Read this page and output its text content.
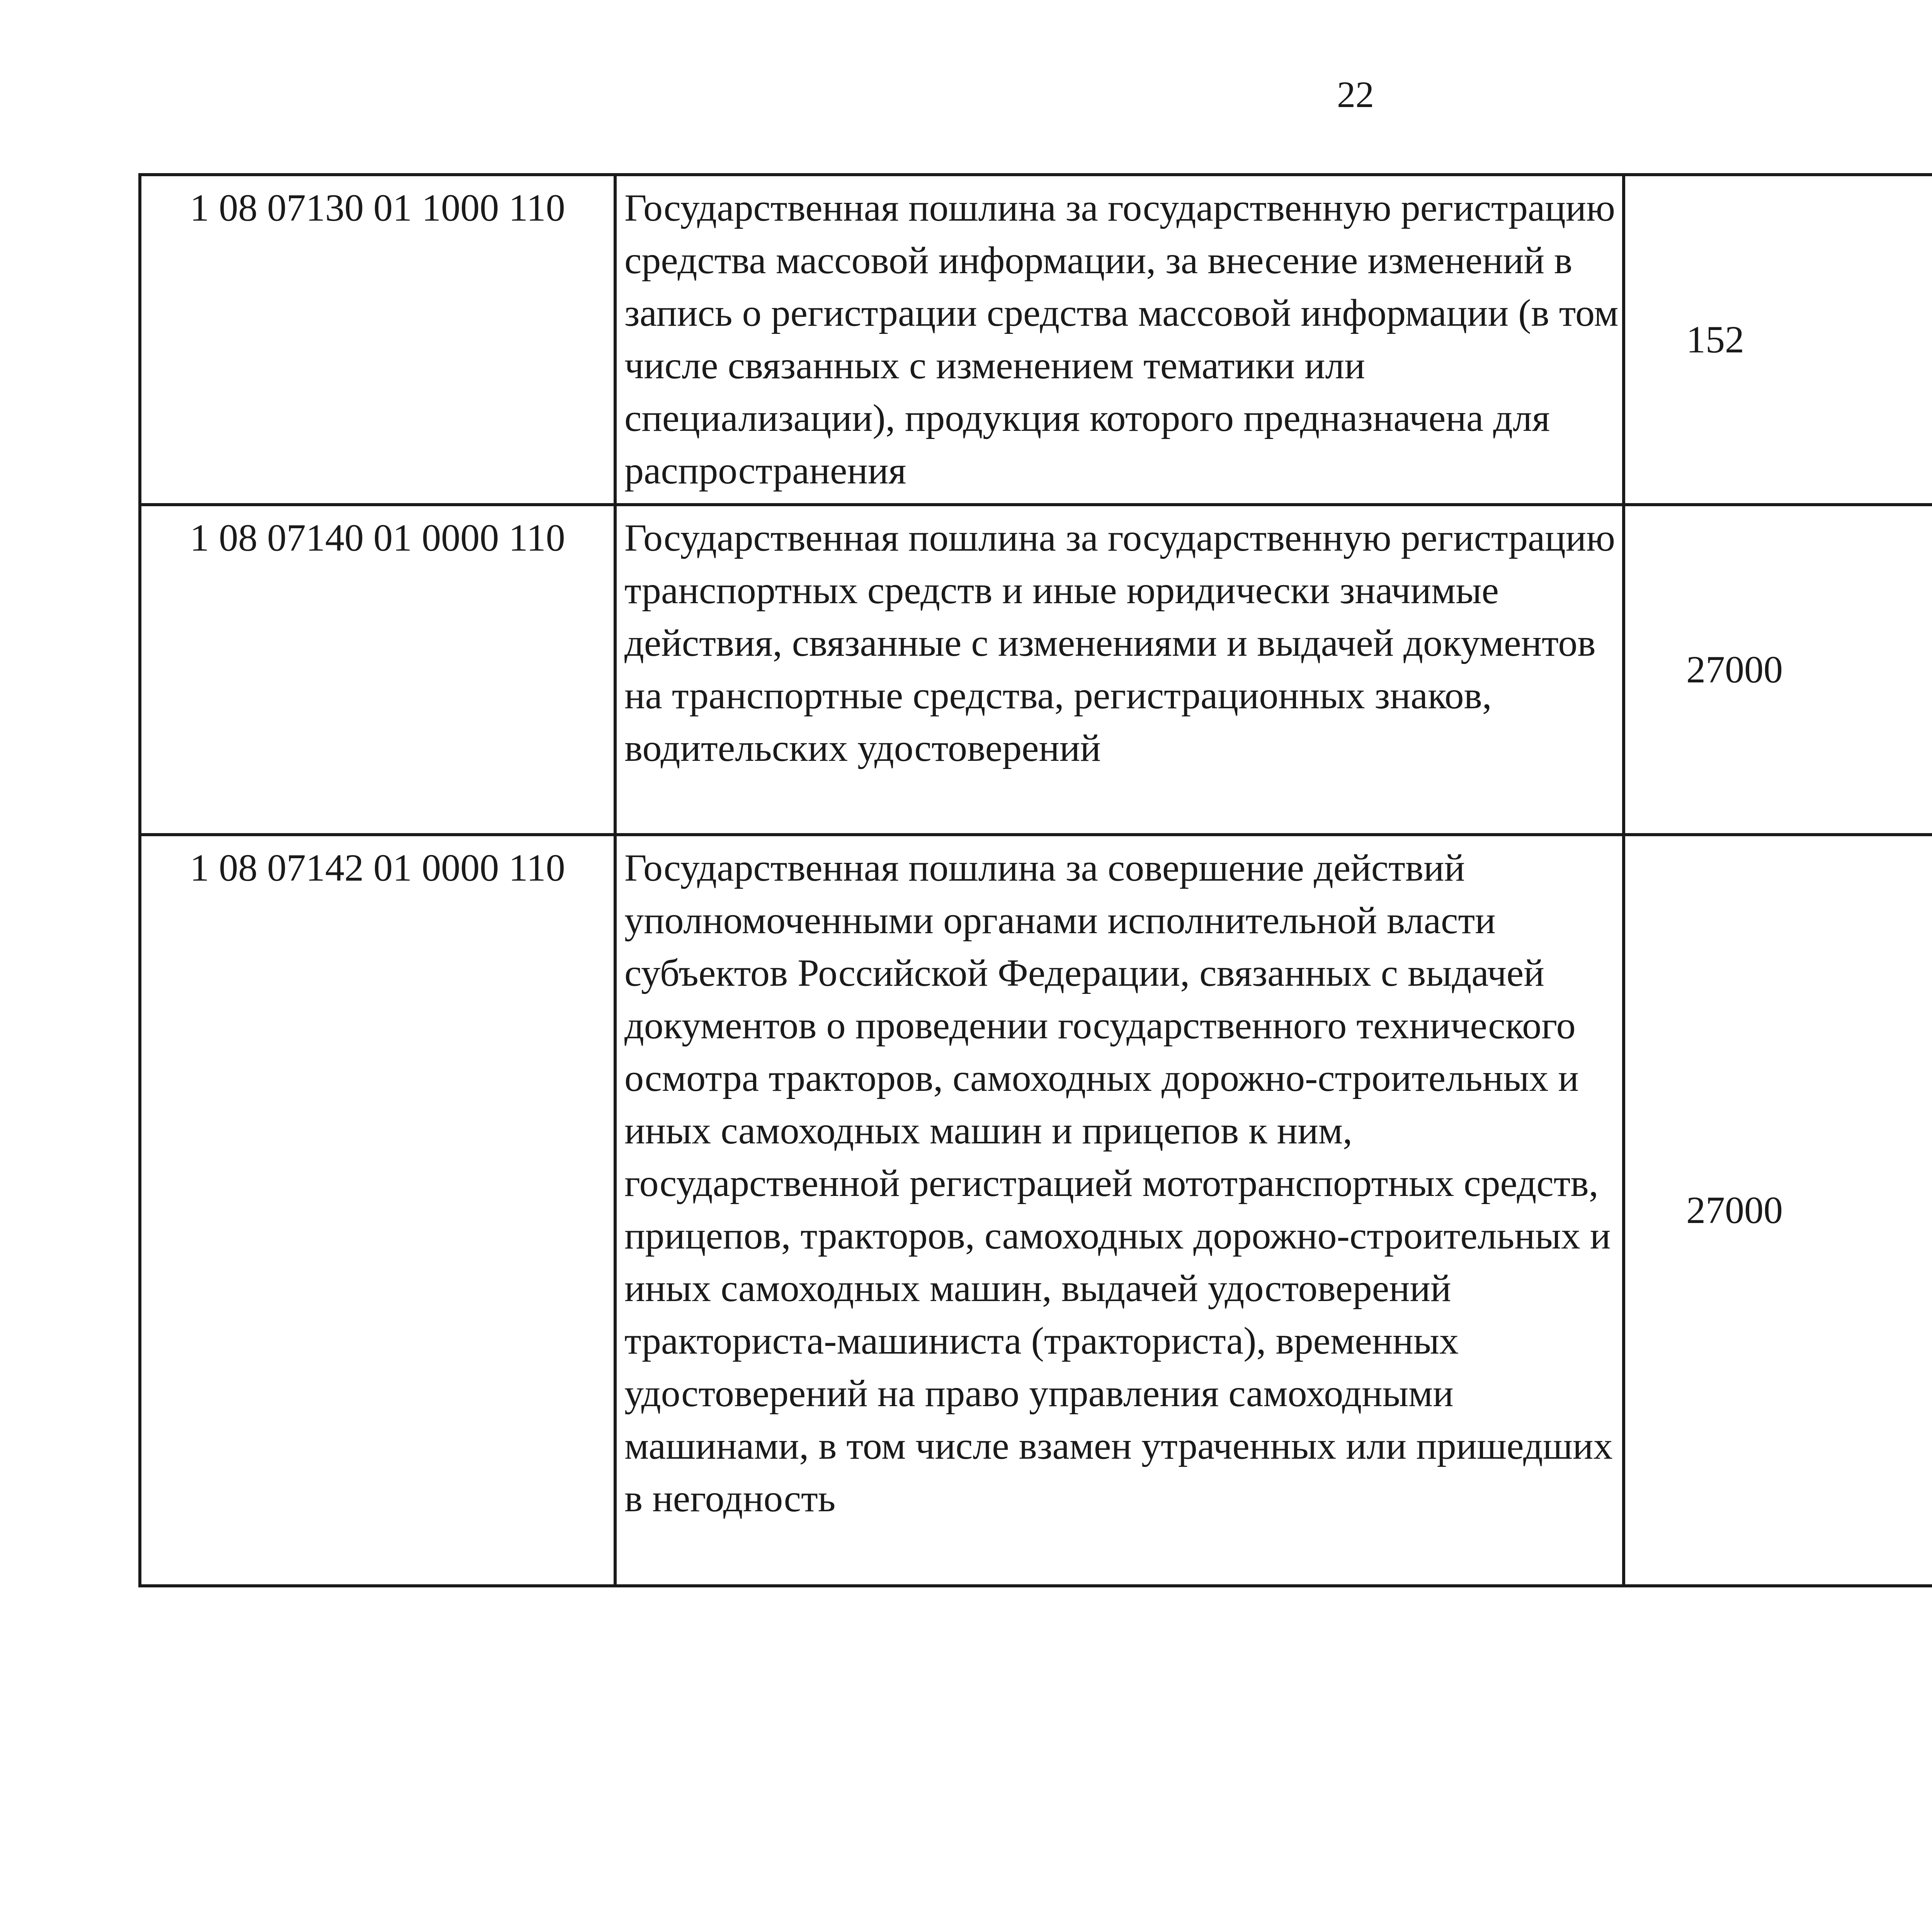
22
1 08 07130 01 1000 110	Государственная пошлина за государственную регистрацию средства массовой информации, за внесение изменений в запись о регистрации средства массовой информации (в том числе связанных с изменением тематики или специализации), продукция которого предназначена для распространения	152		
1 08 07140 01 0000 110	Государственная пошлина за государственную регистрацию транспортных средств и иные юридически значимые действия, связанные с изменениями и выдачей документов на транспортные средства, регистрационных знаков, водительских удостоверений	27000		
1 08 07142 01 0000 110	Государственная пошлина за совершение действий уполномоченными органами исполнительной власти субъектов Российской Федерации, связанных с выдачей документов о проведении государственного технического осмотра тракторов, самоходных дорожно-строительных и иных самоходных машин и прицепов к ним, государственной регистрацией мототранспортных средств, прицепов, тракторов, самоходных дорожно-строительных и иных самоходных машин, выдачей удостоверений тракториста-машиниста (тракториста), временных удостоверений на право управления самоходными машинами, в том числе взамен утраченных или пришедших в негодность	27000		
